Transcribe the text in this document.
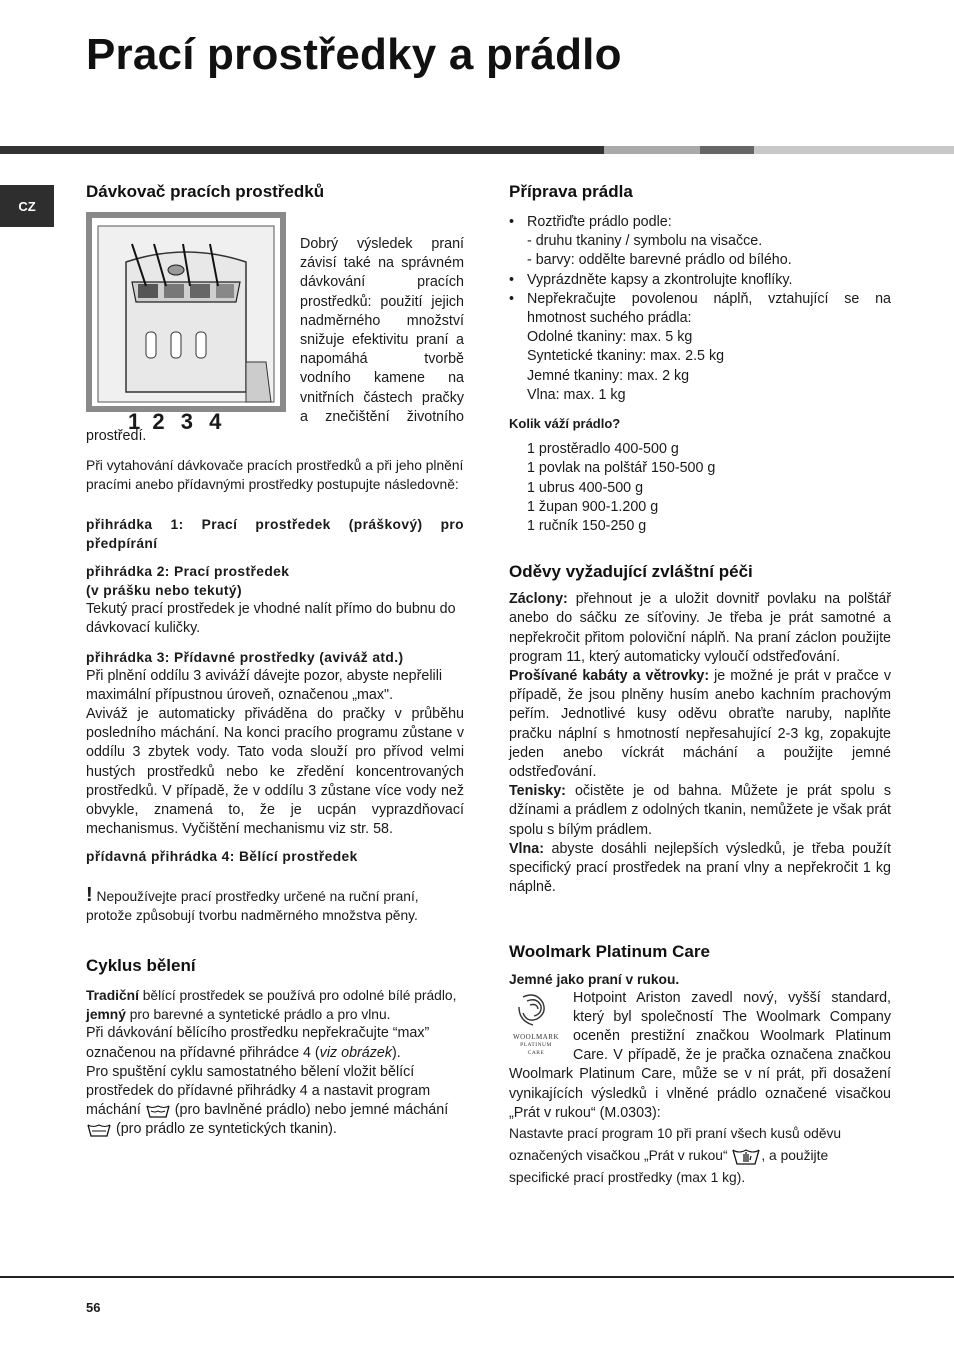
Prací prostředky a prádlo
CZ
Dávkovač pracích prostředků
1 2 3 4

Dobrý výsledek praní závisí také na správném dávkování pracích prostředků: použití jejich nadměrného množství snižuje efektivitu praní a napomáhá tvorbě vodního kamene na vnitřních částech pračky a znečištění životního prostředí.

Při vytahování dávkovače pracích prostředků a při jeho plnění pracími anebo přídavnými prostředky postupujte následovně:

přihrádka 1: Prací prostředek (práškový) pro předpírání

přihrádka 2: Prací prostředek

(v prášku nebo tekutý)

Tekutý prací prostředek je vhodné nalít přímo do bubnu do dávkovací kuličky.

přihrádka 3: Přídavné prostředky (aviváž atd.)

Při plnění oddílu 3 aviváží dávejte pozor, abyste nepřelili maximální přípustnou úroveň, označenou „max".

Aviváž je automaticky přiváděna do pračky v průběhu posledního máchání. Na konci pracího programu zůstane v oddílu 3 zbytek vody. Tato voda slouží pro přívod velmi hustých prostředků nebo ke zředění koncentrovaných prostředků. V případě, že v oddílu 3 zůstane více vody než obvykle, znamená to, že je ucpán vyprazdňovací mechanismus. Vyčištění mechanismu viz str. 58.

přídavná přihrádka 4: Bělící prostředek

! Nepoužívejte prací prostředky určené na ruční praní, protože způsobují tvorbu nadměrného množstva pěny.

Cyklus bělení

Tradiční bělící prostředek se používá pro odolné bílé prádlo, jemný pro barevné a syntetické prádlo a pro vlnu.

Při dávkování bělícího prostředku nepřekračujte “max” označenou na přídavné přihrádce 4 (viz obrázek).

Pro spuštění cyklu samostatného bělení vložit bělící prostředek do přídavné přihrádky 4 a nastavit program máchání  (pro bavlněné prádlo) nebo jemné máchání  (pro prádlo ze syntetických tkanin).

Příprava prádla
• Roztřiďte prádlo podle:
- druhu tkaniny / symbolu na visačce.
- barvy: oddělte barevné prádlo od bílého.
• Vyprázdněte kapsy a zkontrolujte knoflíky.
• Nepřekračujte povolenou náplň, vztahující se na hmotnost suchého prádla:
Odolné tkaniny: max. 5 kg
Syntetické tkaniny: max. 2.5 kg
Jemné tkaniny: max. 2 kg
Vlna: max. 1 kg

Kolik váží prádlo?

1 prostěradlo 400-500 g
1 povlak na polštář 150-500 g
1 ubrus 400-500 g
1 župan 900-1.200 g
1 ručník 150-250 g
Oděvy vyžadující zvláštní péči

Záclony: přehnout je a uložit dovnitř povlaku na polštář anebo do sáčku ze síťoviny. Je třeba je prát samotné a nepřekročit přitom poloviční náplň. Na praní záclon použijte program 11, který automaticky vyloučí odstřeďování.

Prošívané kabáty a větrovky: je možné je prát v pračce v případě, že jsou plněny husím anebo kachním prachovým peřím. Jednotlivé kusy oděvu obraťte naruby, naplňte pračku náplní s hmotností nepřesahující 2-3 kg, zopakujte jeden anebo víckrát máchání a použijte jemné odstřeďování.

Tenisky: očistěte je od bahna. Můžete je prát spolu s džínami a prádlem z odolných tkanin, nemůžete je však prát spolu s bílým prádlem.

Vlna: abyste dosáhli nejlepších výsledků, je třeba použít specifický prací prostředek na praní vlny a nepřekročit 1 kg náplně.

Woolmark Platinum Care

Jemné jako praní v rukou.

WOOLMARK
PLATINUM
CARE

Hotpoint Ariston zavedl nový, vyšší standard, který byl společností The Woolmark Company oceněn prestižní značkou Woolmark Platinum Care. V případě, že je pračka označena značkou Woolmark Platinum Care, může se v ní prát, při dosažení vynikajících výsledků i vlněné prádlo označené visačkou „Prát v rukou“ (M.0303):

Nastavte prací program 10 při praní všech kusů oděvu označených visačkou „Prát v rukou“ , a použijte specifické prací prostředky (max 1 kg).

56
